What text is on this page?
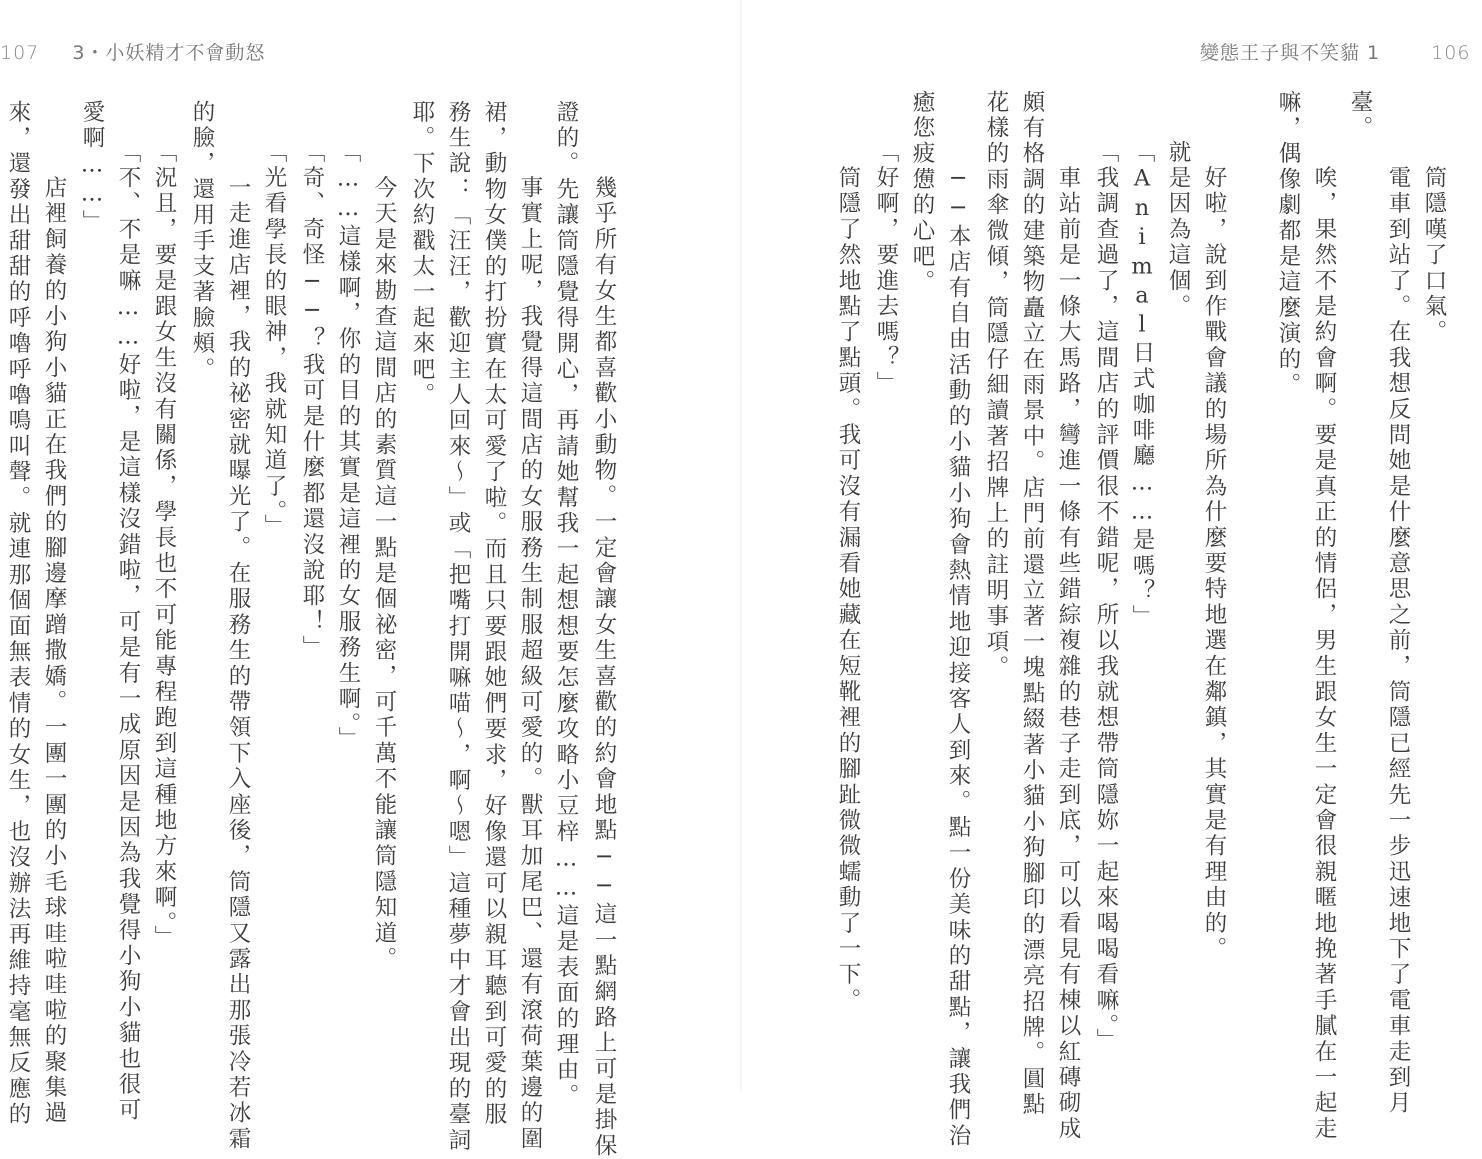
107 3・小妖精才不會動怒	變態王子與不笑貓 1	106
　幾乎所有女生都喜歡小動物。一定會讓女生喜歡的約會地點──這一點網路上可是掛保
證的。先讓筒隱覺得開心，再請她幫我一起想想要怎麼攻略小豆梓……這是表面的理由。
　事實上呢，我覺得這間店的女服務生制服超級可愛的。獸耳加尾巴、還有滾荷葉邊的圍
裙，動物女僕的打扮實在太可愛了啦。而且只要跟她們要求，好像還可以親耳聽到可愛的服
務生說：「汪汪，歡迎主人回來～」或「把嘴打開嘛喵～，啊～嗯」這種夢中才會出現的臺詞
耶。下次約戳太一起來吧。
　今天是來勘查這間店的素質這一點是個祕密，可千萬不能讓筒隱知道。
「……這樣啊，你的目的其實是這裡的女服務生啊。」
「奇、奇怪──？我可是什麼都還沒說耶！」
「光看學長的眼神，我就知道了。」
　一走進店裡，我的祕密就曝光了。在服務生的帶領下入座後，筒隱又露出那張冷若冰霜
的臉，還用手支著臉頰。
「況且，要是跟女生沒有關係，學長也不可能專程跑到這種地方來啊。」
「不、不是嘛……好啦，是這樣沒錯啦，可是有一成原因是因為我覺得小狗小貓也很可
愛啊……」
　店裡飼養的小狗小貓正在我們的腳邊摩蹭撒嬌。一團一團的小毛球哇啦哇啦的聚集過
來，還發出甜甜的呼嚕呼嚕鳴叫聲。就連那個面無表情的女生，也沒辦法再維持毫無反應的	　筒隱嘆了口氣。
　電車到站了。在我想反問她是什麼意思之前，筒隱已經先一步迅速地下了電車走到月
臺。
　唉，果然不是約會啊。要是真正的情侶，男生跟女生一定會很親暱地挽著手膩在一起走
嘛，偶像劇都是這麼演的。
　好啦，說到作戰會議的場所為什麼要特地選在鄰鎮，其實是有理由的。
就是因為這個。
「Animal日式咖啡廳……是嗎？」
「我調查過了，這間店的評價很不錯呢，所以我就想帶筒隱妳一起來喝喝看嘛。」
　車站前是一條大馬路，彎進一條有些錯綜複雜的巷子走到底，可以看見有棟以紅磚砌成
頗有格調的建築物矗立在雨景中。店門前還立著一塊點綴著小貓小狗腳印的漂亮招牌。圓點
花樣的雨傘微傾，筒隱仔細讀著招牌上的註明事項。
　──本店有自由活動的小貓小狗會熱情地迎接客人到來。點一份美味的甜點，讓我們治
癒您疲憊的心吧。
「好啊，要進去嗎？」
　筒隱了然地點了點頭。我可沒有漏看她藏在短靴裡的腳趾微微蠕動了一下。
